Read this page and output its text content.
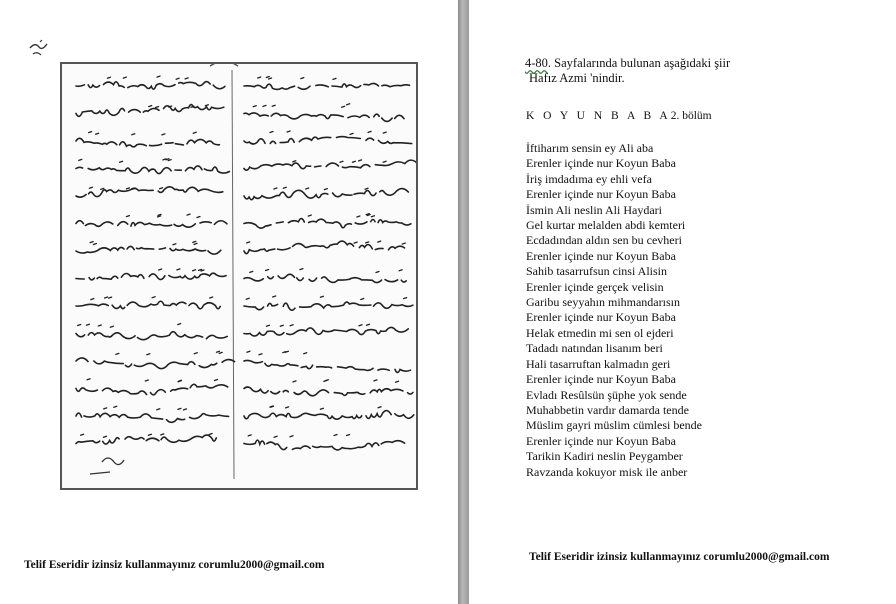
Telif Eseridir izinsiz kullanmayınız corumlu2000@gmail.com
4-80. Sayfalarında bulunan aşağıdaki şiir
Hafız Azmi 'nindir.
K O Y U N B A B A2. bölüm
İftiharım sensin ey Ali aba
Erenler içinde nur Koyun Baba
İriş imdadıma ey ehli vefa
Erenler içinde nur Koyun Baba
İsmin Ali neslin Ali Haydari
Gel kurtar melalden abdi kemteri
Ecdadından aldın sen bu cevheri
Erenler içinde nur Koyun Baba
Sahib tasarrufsun cinsi Alisin
Erenler içinde gerçek velisin
Garibu seyyahın mihmandarısın
Erenler içinde nur Koyun Baba
Helak etmedin mi sen ol ejderi
Tadadı natından lisanım beri
Hali tasarruftan kalmadın geri
Erenler içinde nur Koyun Baba
Evladı Resûlsün şüphe yok sende
Muhabbetin vardır damarda tende
Müslim gayri müslim cümlesi bende
Erenler içinde nur Koyun Baba
Tarikin Kadiri neslin Peygamber
Ravzanda kokuyor misk ile anber
Telif Eseridir izinsiz kullanmayınız corumlu2000@gmail.com
